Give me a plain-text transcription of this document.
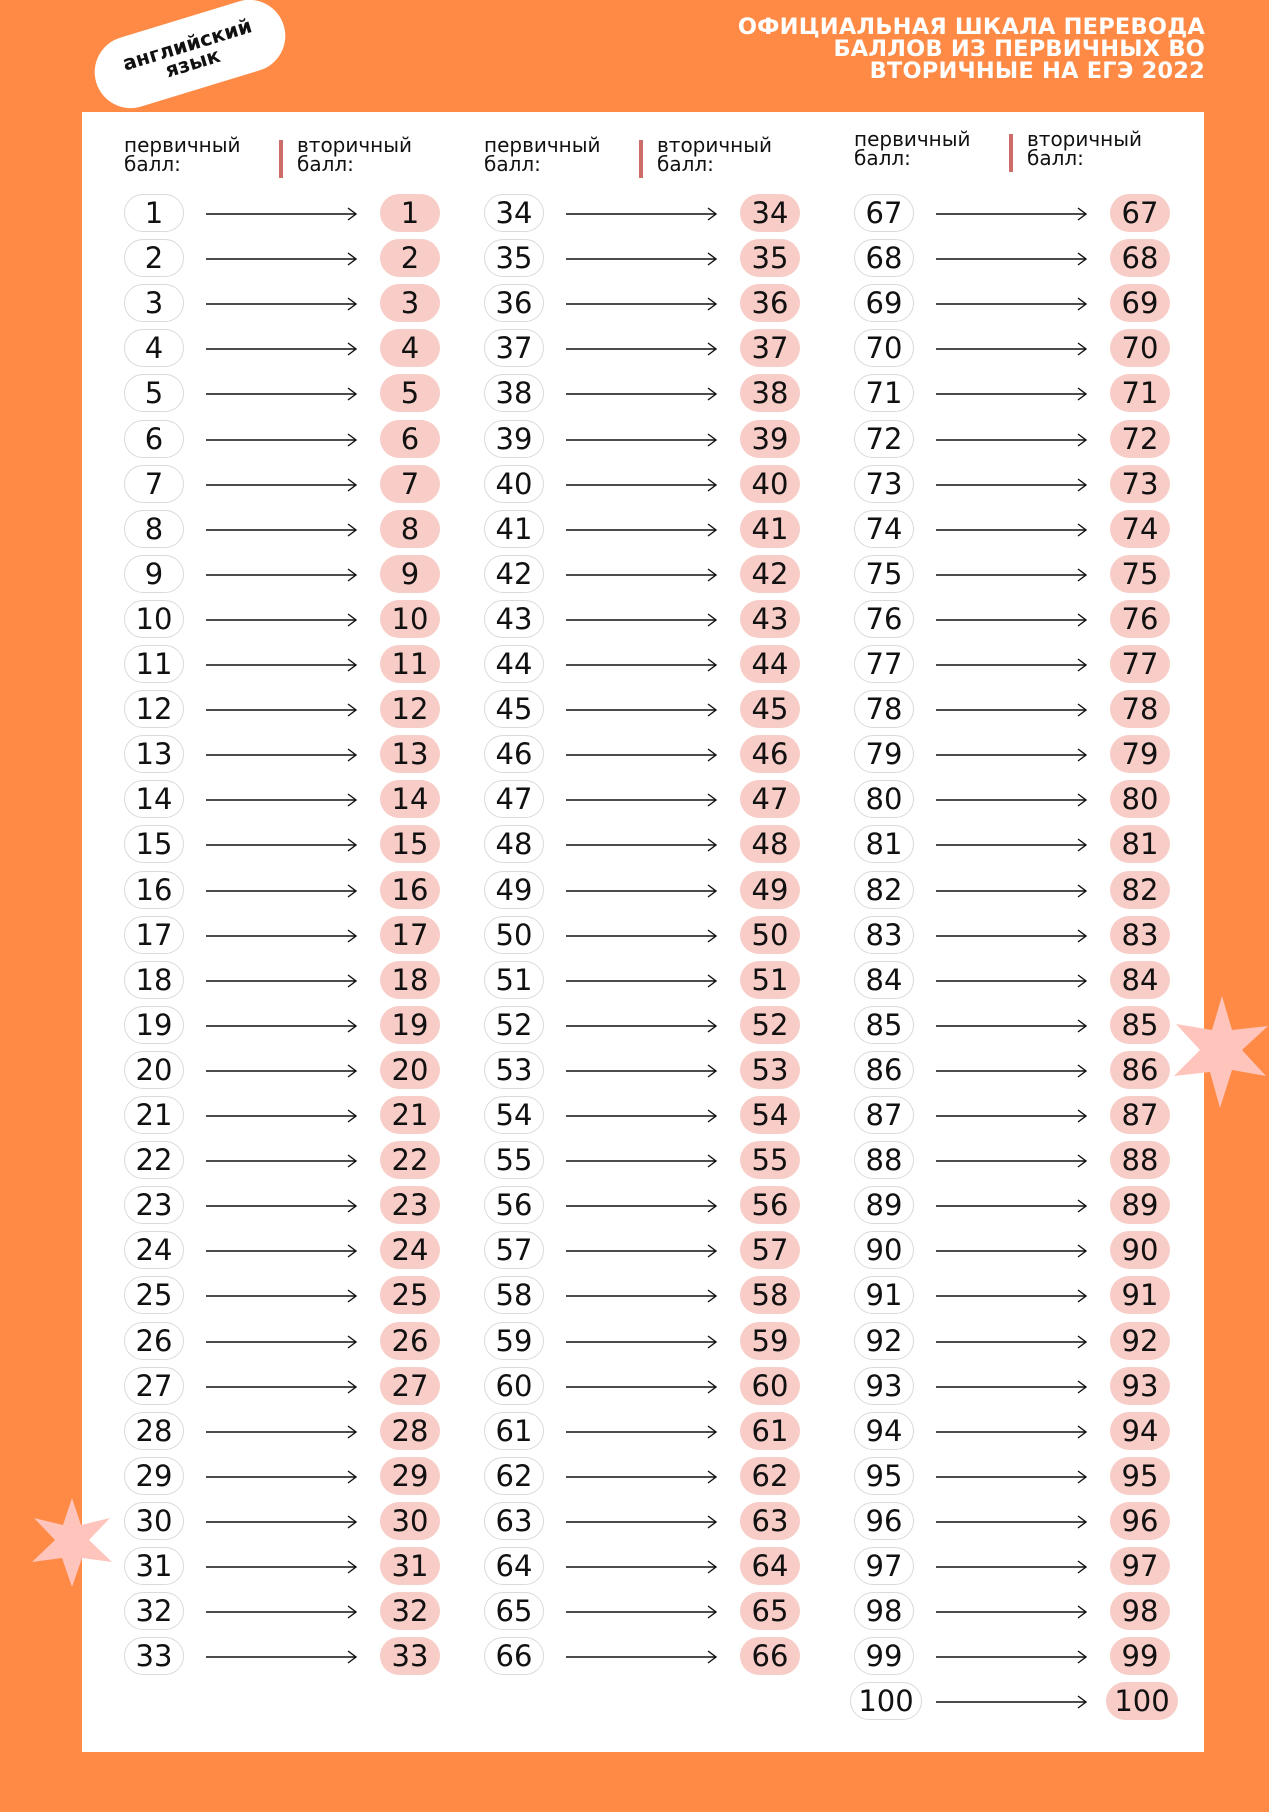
английский
язык
ОФИЦИАЛЬНАЯ ШКАЛА ПЕРЕВОДА
БАЛЛОВ ИЗ ПЕРВИЧНЫХ ВО
ВТОРИЧНЫЕ НА ЕГЭ 2022
первичный
балл:
вторичный
балл:
1	1
2	2
3	3
4	4
5	5
6	6
7	7
8	8
9	9
10	10
11	11
12	12
13	13
14	14
15	15
16	16
17	17
18	18
19	19
20	20
21	21
22	22
23	23
24	24
25	25
26	26
27	27
28	28
29	29
30	30
31	31
32	32
33	33
первичный
балл:
вторичный
балл:
34	34
35	35
36	36
37	37
38	38
39	39
40	40
41	41
42	42
43	43
44	44
45	45
46	46
47	47
48	48
49	49
50	50
51	51
52	52
53	53
54	54
55	55
56	56
57	57
58	58
59	59
60	60
61	61
62	62
63	63
64	64
65	65
66	66
первичный
балл:
вторичный
балл:
67	67
68	68
69	69
70	70
71	71
72	72
73	73
74	74
75	75
76	76
77	77
78	78
79	79
80	80
81	81
82	82
83	83
84	84
85	85
86	86
87	87
88	88
89	89
90	90
91	91
92	92
93	93
94	94
95	95
96	96
97	97
98	98
99	99
100	100
